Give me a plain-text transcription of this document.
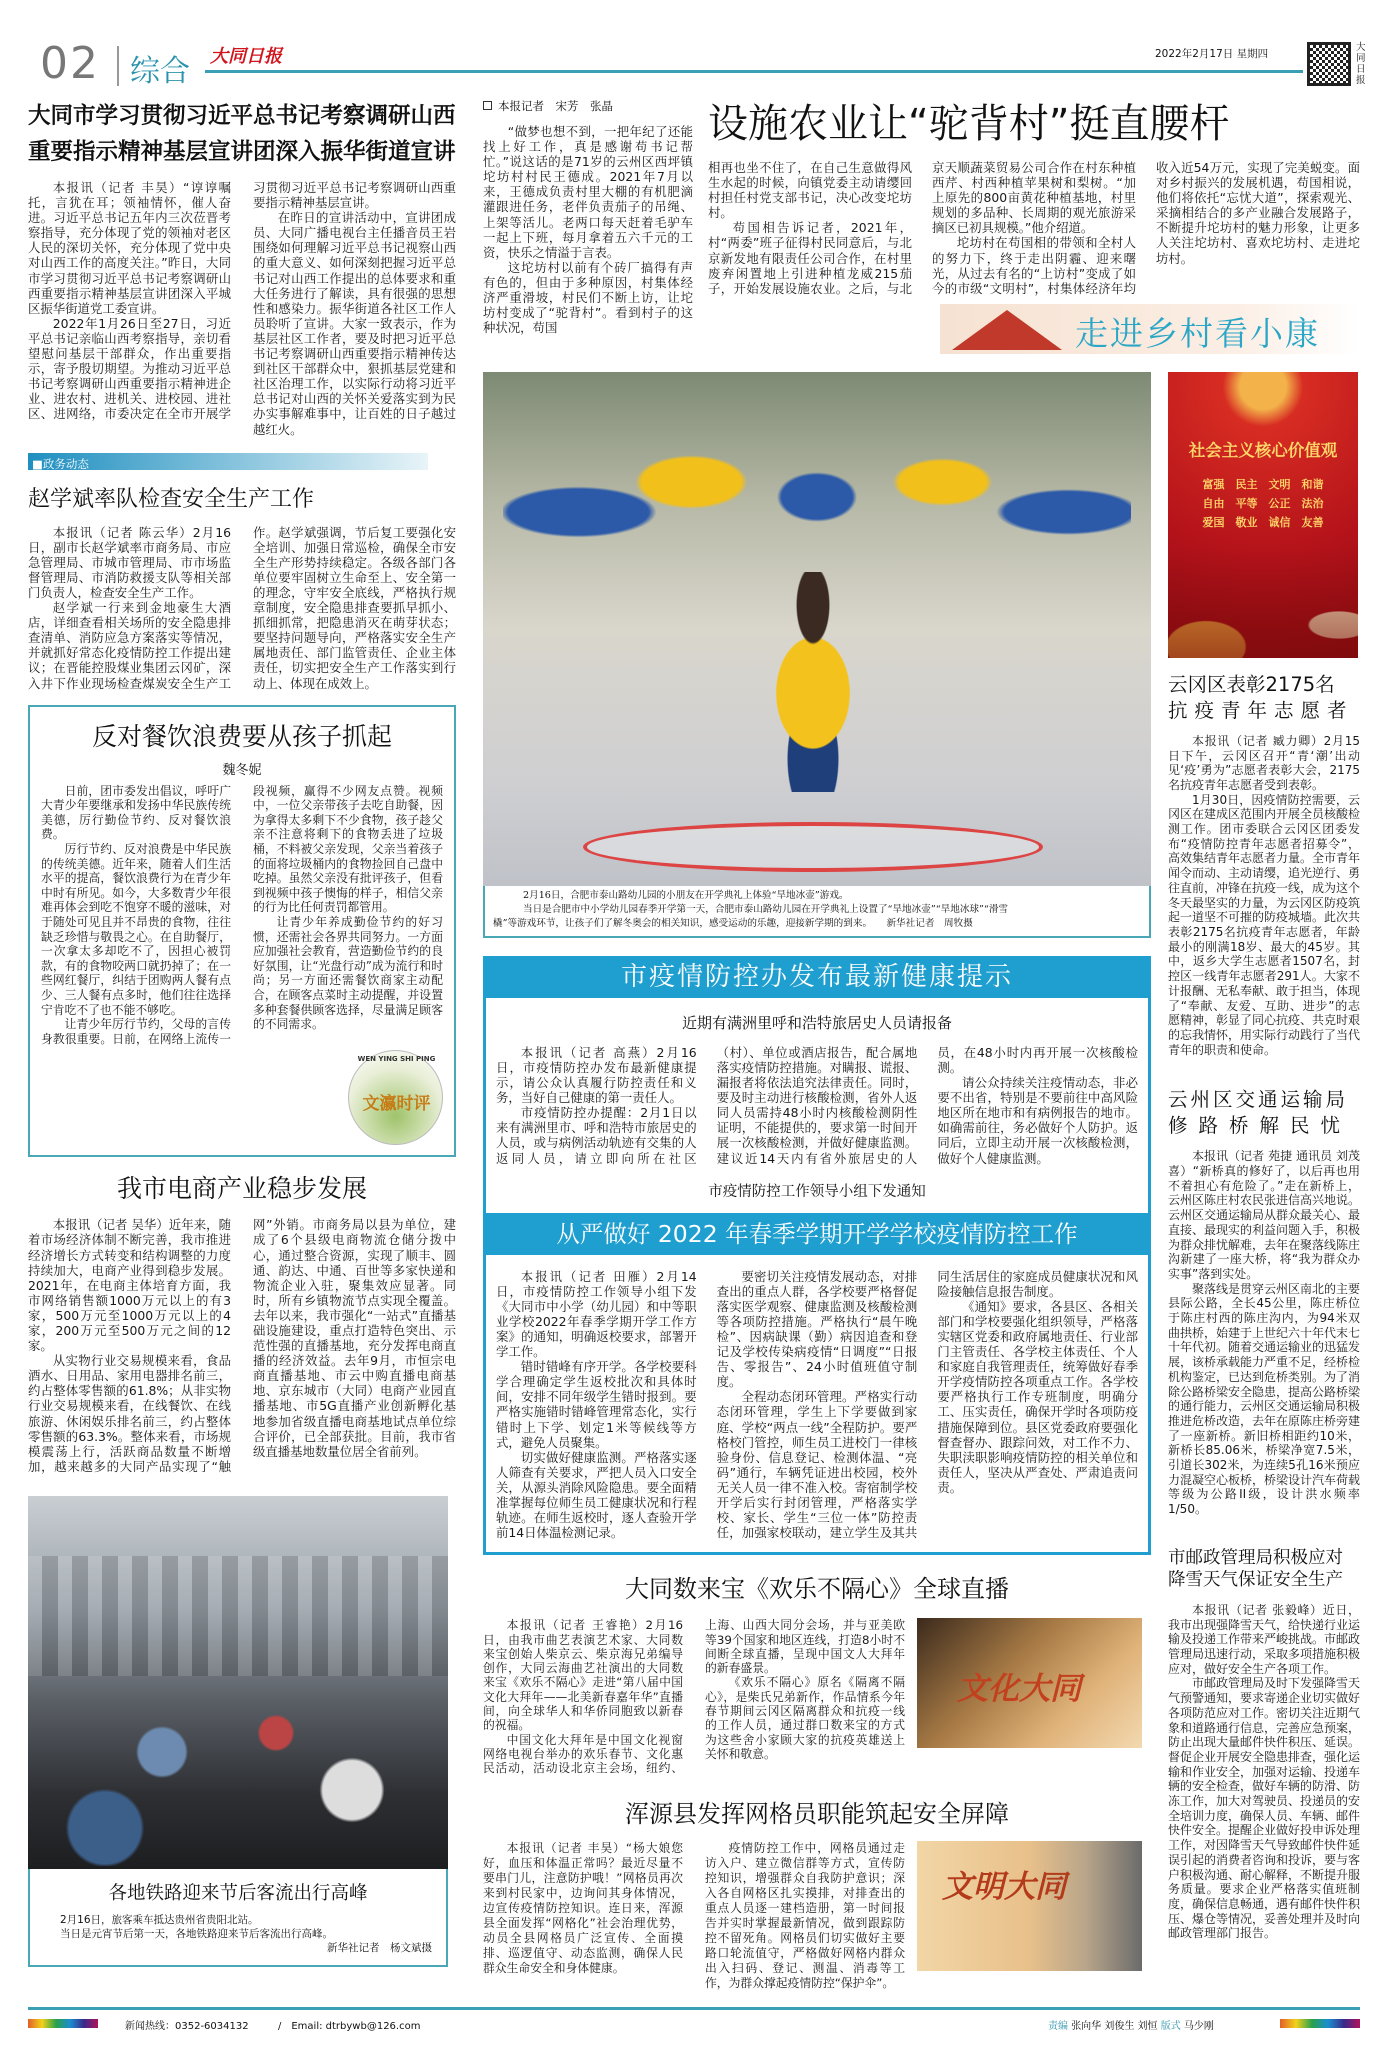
02 综合 大同日报	2022年2月17日 星期四
大同日报
大同市学习贯彻习近平总书记考察调研山西
重要指示精神基层宣讲团深入振华街道宣讲

本报讯（记者 丰昊）“谆谆嘱托，言犹在耳；领袖情怀，催人奋进。习近平总书记五年内三次莅晋考察指导，充分体现了党的领袖对老区人民的深切关怀，充分体现了党中央对山西工作的高度关注。”昨日，大同市学习贯彻习近平总书记考察调研山西重要指示精神基层宣讲团深入平城区振华街道党工委宣讲。

2022年1月26日至27日，习近平总书记亲临山西考察指导，亲切看望慰问基层干部群众，作出重要指示，寄予殷切期望。为推动习近平总书记考察调研山西重要指示精神进企业、进农村、进机关、进校园、进社区、进网络，市委决定在全市开展学习贯彻习近平总书记考察调研山西重要指示精神基层宣讲。

在昨日的宣讲活动中，宣讲团成员、大同广播电视台主任播音员王岩围绕如何理解习近平总书记视察山西的重大意义、如何深刻把握习近平总书记对山西工作提出的总体要求和重大任务进行了解读，具有很强的思想性和感染力。振华街道各社区工作人员聆听了宣讲。大家一致表示，作为基层社区工作者，要及时把习近平总书记考察调研山西重要指示精神传达到社区干部群众中，狠抓基层党建和社区治理工作，以实际行动将习近平总书记对山西的关怀关爱落实到为民办实事解难事中，让百姓的日子越过越红火。

■政务动态
赵学斌率队检查安全生产工作

本报讯（记者 陈云华）2月16日，副市长赵学斌率市商务局、市应急管理局、市城市管理局、市市场监督管理局、市消防救援支队等相关部门负责人，检查安全生产工作。

赵学斌一行来到金地豪生大酒店，详细查看相关场所的安全隐患排查清单、消防应急方案落实等情况，并就抓好常态化疫情防控工作提出建议；在晋能控股煤业集团云冈矿，深入井下作业现场检查煤炭安全生产工作。赵学斌强调，节后复工要强化安全培训、加强日常巡检，确保全市安全生产形势持续稳定。各级各部门各单位要牢固树立生命至上、安全第一的理念，守牢安全底线，严格执行规章制度，安全隐患排查要抓早抓小、抓细抓常，把隐患消灭在萌芽状态；要坚持问题导向，严格落实安全生产属地责任、部门监管责任、企业主体责任，切实把安全生产工作落实到行动上、体现在成效上。

反对餐饮浪费要从孩子抓起
魏冬妮

日前，团市委发出倡议，呼吁广大青少年要继承和发扬中华民族传统美德，厉行勤俭节约、反对餐饮浪费。

厉行节约、反对浪费是中华民族的传统美德。近年来，随着人们生活水平的提高，餐饮浪费行为在青少年中时有所见。如今，大多数青少年很难再体会到吃不饱穿不暖的滋味，对于随处可见且并不昂贵的食物，往往缺乏珍惜与敬畏之心。在自助餐厅，一次拿太多却吃不了，因担心被罚款，有的食物咬两口就扔掉了；在一些网红餐厅，纠结于团购两人餐有点少、三人餐有点多时，他们往往选择宁肯吃不了也不能不够吃。

让青少年厉行节约，父母的言传身教很重要。日前，在网络上流传一段视频，赢得不少网友点赞。视频中，一位父亲带孩子去吃自助餐，因为拿得太多剩下不少食物，孩子趁父亲不注意将剩下的食物丢进了垃圾桶，不料被父亲发现，父亲当着孩子的面将垃圾桶内的食物捡回自己盘中吃掉。虽然父亲没有批评孩子，但看到视频中孩子懊悔的样子，相信父亲的行为比任何责罚都管用。

让青少年养成勤俭节约的好习惯，还需社会各界共同努力。一方面应加强社会教育，营造勤俭节约的良好氛围，让“光盘行动”成为流行和时尚；另一方面还需餐饮商家主动配合，在顾客点菜时主动提醒，并设置多种套餐供顾客选择，尽量满足顾客的不同需求。

WEN YING SHI PING
文瀛时评
我市电商产业稳步发展

本报讯（记者 吴华）近年来，随着市场经济体制不断完善，我市推进经济增长方式转变和结构调整的力度持续加大，电商产业得到稳步发展。2021年，在电商主体培育方面，我市网络销售额1000万元以上的有3家，500万元至1000万元以上的4家，200万元至500万元之间的12家。

从实物行业交易规模来看，食品酒水、日用品、家用电器排名前三，约占整体零售额的61.8%；从非实物行业交易规模来看，在线餐饮、在线旅游、休闲娱乐排名前三，约占整体零售额的63.3%。整体来看，市场规模震荡上行，活跃商品数量不断增加，越来越多的大同产品实现了“触网”外销。市商务局以县为单位，建成了6个县级电商物流仓储分拨中心，通过整合资源，实现了顺丰、圆通、韵达、中通、百世等多家快递和物流企业入驻，聚集效应显著。同时，所有乡镇物流节点实现全覆盖。去年以来，我市强化“一站式”直播基础设施建设，重点打造特色突出、示范性强的直播基地，充分发挥电商直播的经济效益。去年9月，市恒宗电商直播基地、市云中购直播电商基地、京东城市（大同）电商产业园直播基地、市5G直播产业创新孵化基地参加省级直播电商基地试点单位综合评价，已全部获批。目前，我市省级直播基地数量位居全省前列。

各地铁路迎来节后客流出行高峰
2月16日，旅客乘车抵达贵州省贵阳北站。
当日是元宵节后第一天，各地铁路迎来节后客流出行高峰。
新华社记者　杨文斌摄
本报记者　宋芳　张晶

“做梦也想不到，一把年纪了还能找上好工作，真是感谢苟书记帮忙。”说这话的是71岁的云州区西坪镇坨坊村村民王德成。2021年7月以来，王德成负责村里大棚的有机肥滴灌跟进任务，老伴负责茄子的吊绳、上架等活儿。老两口每天赶着毛驴车一起上下班，每月拿着五六千元的工资，快乐之情溢于言表。

这坨坊村以前有个砖厂搞得有声有色的，但由于多种原因，村集体经济严重滑坡，村民们不断上访，让坨坊村变成了“驼背村”。看到村子的这种状况，苟国

设施农业让“驼背村”挺直腰杆

相再也坐不住了，在自己生意做得风生水起的时候，向镇党委主动请缨回村担任村党支部书记，决心改变坨坊村。

苟国相告诉记者，2021年，村“两委”班子征得村民同意后，与北京新发地有限责任公司合作，在村里废弃闲置地上引进种植龙威215茄子，开始发展设施农业。之后，与北京天顺蔬菜贸易公司合作在村东种植西芹、村西种植苹果树和梨树。“加上原先的800亩黄花种植基地，村里规划的多品种、长周期的观光旅游采摘区已初具规模。”他介绍道。

坨坊村在苟国相的带领和全村人的努力下，终于走出阴霾、迎来曙光，从过去有名的“上访村”变成了如今的市级“文明村”，村集体经济年均收入近54万元，实现了完美蜕变。面对乡村振兴的发展机遇，苟国相说，他们将依托“忘忧大道”，探索观光、采摘相结合的多产业融合发展路子，不断提升坨坊村的魅力形象，让更多人关注坨坊村、喜欢坨坊村、走进坨坊村。

走进乡村看小康
2月16日，合肥市泰山路幼儿园的小朋友在开学典礼上体验“旱地冰壶”游戏。
当日是合肥市中小学幼儿园春季开学第一天，合肥市泰山路幼儿园在开学典礼上设置了“旱地冰壶”“旱地冰球”“滑雪
橇”等游戏环节，让孩子们了解冬奥会的相关知识，感受运动的乐趣，迎接新学期的到来。　　 新华社记者　周牧摄
市疫情防控办发布最新健康提示
近期有满洲里呼和浩特旅居史人员请报备

本报讯（记者 高燕）2月16日，市疫情防控办发布最新健康提示，请公众认真履行防控责任和义务，当好自己健康的第一责任人。

市疫情防控办提醒：2月1日以来有满洲里市、呼和浩特市旅居史的人员，或与病例活动轨迹有交集的人返同人员，请立即向所在社区（村）、单位或酒店报告，配合属地落实疫情防控措施。对瞒报、谎报、漏报者将依法追究法律责任。同时，要及时主动进行核酸检测，省外人返同人员需持48小时内核酸检测阴性证明，不能提供的，要求第一时间开展一次核酸检测，并做好健康监测。建议近14天内有省外旅居史的人员，在48小时内再开展一次核酸检测。

请公众持续关注疫情动态，非必要不出省，特别是不要前往中高风险地区所在地市和有病例报告的地市。如确需前往，务必做好个人防护。返同后，立即主动开展一次核酸检测，做好个人健康监测。

市疫情防控工作领导小组下发通知
从严做好 2022 年春季学期开学学校疫情防控工作

本报讯（记者 田雁）2月14日，市疫情防控工作领导小组下发《大同市中小学（幼儿园）和中等职业学校2022年春季学期开学工作方案》的通知，明确返校要求，部署开学工作。

错时错峰有序开学。各学校要科学合理确定学生返校批次和具体时间，安排不同年级学生错时报到。要严格实施错时错峰管理常态化，实行错时上下学、划定1米等候线等方式，避免人员聚集。

切实做好健康监测。严格落实逐人筛查有关要求，严把人员入口安全关，从源头消除风险隐患。要全面精准掌握每位师生员工健康状况和行程轨迹。在师生返校时，逐人查验开学前14日体温检测记录。

要密切关注疫情发展动态，对排查出的重点人群，各学校要严格督促落实医学观察、健康监测及核酸检测等各项防控措施。严格执行“晨午晚检”、因病缺课（勤）病因追查和登记及学校传染病疫情“日调度”“日报告、零报告”、24小时值班值守制度。

全程动态闭环管理。严格实行动态闭环管理，学生上下学要做到家庭、学校“两点一线”全程防护。要严格校门管控，师生员工进校门一律核验身份、信息登记、检测体温、“亮码”通行，车辆凭证进出校园，校外无关人员一律不准入校。寄宿制学校开学后实行封闭管理，严格落实学校、家长、学生“三位一体”防控责任，加强家校联动，建立学生及其共同生活居住的家庭成员健康状况和风险接触信息报告制度。

《通知》要求，各县区、各相关部门和学校要强化组织领导，严格落实辖区党委和政府属地责任、行业部门主管责任、各学校主体责任、个人和家庭自我管理责任，统筹做好春季开学疫情防控各项重点工作。各学校要严格执行工作专班制度，明确分工、压实责任，确保开学时各项防疫措施保障到位。县区党委政府要强化督查督办、跟踪问效，对工作不力、失职渎职影响疫情防控的相关单位和责任人，坚决从严查处、严肃追责问责。

大同数来宝《欢乐不隔心》全球直播

本报讯（记者 王睿艳）2月16日，由我市曲艺表演艺术家、大同数来宝创始人柴京云、柴京海兄弟编导创作，大同云海曲艺社演出的大同数来宝《欢乐不隔心》走进“第八届中国文化大拜年——北美新春嘉年华”直播间，向全球华人和华侨同胞致以新春的祝福。

中国文化大拜年是中国文化视窗网络电视台举办的欢乐春节、文化惠民活动，活动设北京主会场，纽约、上海、山西大同分会场，并与亚美欧等39个国家和地区连线，打造8小时不间断全球直播，呈现中国文人大拜年的新春盛景。

《欢乐不隔心》原名《隔离不隔心》，是柴氏兄弟新作，作品情系今年春节期间云冈区隔离群众和抗疫一线的工作人员，通过群口数来宝的方式为这些舍小家顾大家的抗疫英雄送上关怀和敬意。

文化大同
浑源县发挥网格员职能筑起安全屏障

本报讯（记者 丰昊）“杨大娘您好，血压和体温正常吗？最近尽量不要串门儿，注意防护哦！”网格员再次来到村民家中，边询问其身体情况，边宣传疫情防控知识。连日来，浑源县全面发挥“网格化”社会治理优势，动员全县网格员广泛宣传、全面摸排、巡逻值守、动态监测，确保人民群众生命安全和身体健康。

疫情防控工作中，网格员通过走访入户、建立微信群等方式，宣传防控知识，增强群众自我防护意识；深入各自网格区扎实摸排，对排查出的重点人员逐一建档造册，第一时间报告并实时掌握最新情况，做到跟踪防控不留死角。网格员们切实做好主要路口轮流值守，严格做好网格内群众出入扫码、登记、测温、消毒等工作，为群众撑起疫情防控“保护伞”。

文明大同
社会主义核心价值观
富强　民主　文明　和谐
自由　平等　公正　法治
爱国　敬业　诚信　友善
云冈区表彰2175名
抗疫青年志愿者

本报讯（记者 臧力卿）2月15日下午，云冈区召开“青‘潮’出动 见‘疫’勇为”志愿者表彰大会，2175名抗疫青年志愿者受到表彰。

1月30日，因疫情防控需要，云冈区在建成区范围内开展全员核酸检测工作。团市委联合云冈区团委发布“疫情防控青年志愿者招募令”，高效集结青年志愿者力量。全市青年闻令而动、主动请缨，追光逆行、勇往直前，冲锋在抗疫一线，成为这个冬天最坚实的力量，为云冈区防疫筑起一道坚不可摧的防疫城墙。此次共表彰2175名抗疫青年志愿者，年龄最小的刚满18岁、最大的45岁。其中，返乡大学生志愿者1507名，封控区一线青年志愿者291人。大家不计报酬、无私奉献、敢于担当，体现了“奉献、友爱、互助、进步”的志愿精神，彰显了同心抗疫、共克时艰的忘我情怀，用实际行动践行了当代青年的职责和使命。

云州区交通运输局
修路桥解民忧

本报讯（记者 苑捷 通讯员 刘茂喜）“新桥真的修好了，以后再也用不着担心有危险了。”走在新桥上，云州区陈庄村农民张进信高兴地说。云州区交通运输局从群众最关心、最直接、最现实的利益问题入手，积极为群众排忧解难，去年在聚落线陈庄沟新建了一座大桥，将“我为群众办实事”落到实处。

聚落线是贯穿云州区南北的主要县际公路，全长45公里，陈庄桥位于陈庄村西的陈庄沟内，为94米双曲拱桥，始建于上世纪六十年代末七十年代初。随着交通运输业的迅猛发展，该桥承载能力严重不足，经桥检机构鉴定，已达到危桥类别。为了消除公路桥梁安全隐患，提高公路桥梁的通行能力，云州区交通运输局积极推进危桥改造，去年在原陈庄桥旁建了一座新桥。新旧桥相距约10米，新桥长85.06米，桥梁净宽7.5米，引道长302米，为连续5孔16米预应力混凝空心板桥，桥梁设计汽车荷载等级为公路II级，设计洪水频率1/50。

市邮政管理局积极应对
降雪天气保证安全生产

本报讯（记者 张毅峰）近日，我市出现强降雪天气，给快递行业运输及投递工作带来严峻挑战。市邮政管理局迅速行动，采取多项措施积极应对，做好安全生产各项工作。

市邮政管理局及时下发强降雪天气预警通知，要求寄递企业切实做好各项防范应对工作。密切关注近期气象和道路通行信息，完善应急预案，防止出现大量邮件快件积压、延误。督促企业开展安全隐患排查，强化运输和作业安全，加强对运输、投递车辆的安全检查，做好车辆的防滑、防冻工作，加大对驾驶员、投递员的安全培训力度，确保人员、车辆、邮件快件安全。提醒企业做好投申诉处理工作，对因降雪天气导致邮件快件延误引起的消费者咨询和投诉，要与客户积极沟通、耐心解释，不断提升服务质量。要求企业严格落实值班制度，确保信息畅通，遇有邮件快件积压、爆仓等情况，妥善处理并及时向邮政管理部门报告。

新闻热线：0352-6034132	/　Email: dtrbywb@126.com	责编 张向华 刘俊生 刘恒 版式 马少刚
